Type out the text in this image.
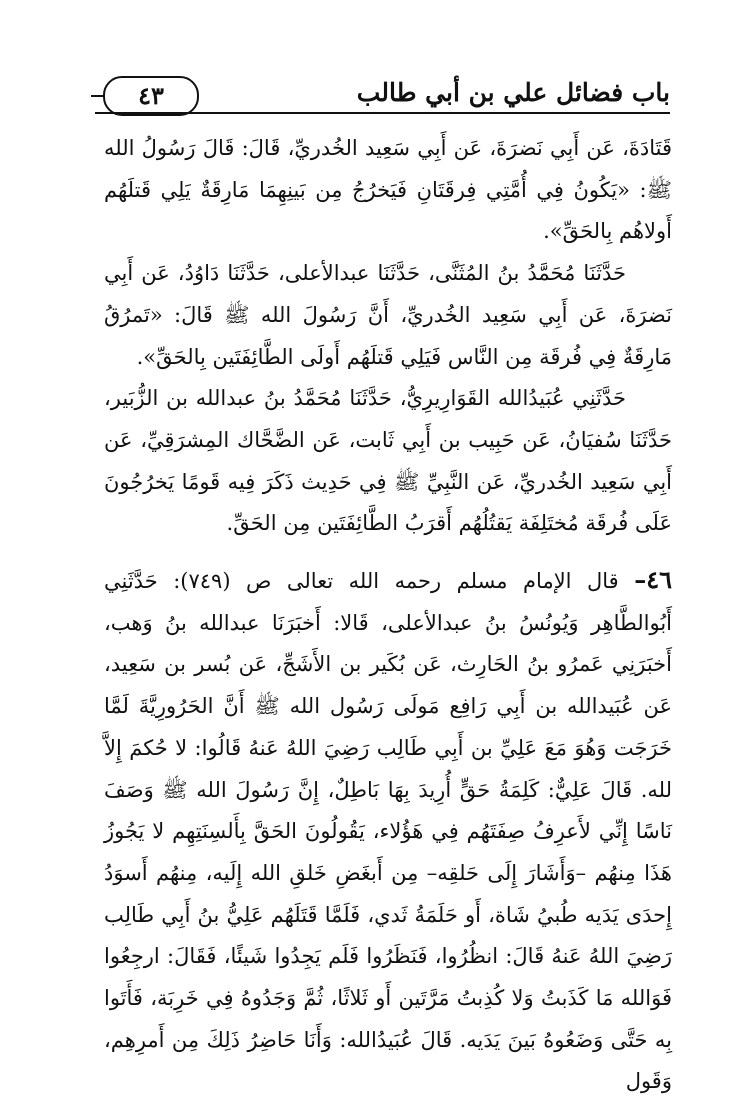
باب فضائل علي بن أبي طالب
٤٣

قَتَادَةَ، عَن أَبِي نَضرَةَ، عَن أَبِي سَعِيد الخُدريِّ، قَالَ: قَالَ رَسُولُ الله ﷺ: «يَكُونُ فِي أُمَّتِي فِرقَتَانِ فَيَخرُجُ مِن بَينِهِمَا مَارِقَةٌ يَلِي قَتلَهُم أَولاهُم بِالحَقِّ».

حَدَّثَنَا مُحَمَّدُ بنُ المُثَنَّى، حَدَّثَنَا عبدالأعلى، حَدَّثَنَا دَاوُدُ، عَن أَبِي نَضرَةَ، عَن أَبِي سَعِيد الخُدريِّ، أَنَّ رَسُولَ الله ﷺ قَالَ: «تَمرُقُ مَارِقَةٌ فِي فُرقَة مِن النَّاس فَيَلِي قَتلَهُم أَولَى الطَّائِفَتَين بِالحَقِّ».

حَدَّثَنِي عُبَيدُالله القَوَارِيرِيُّ، حَدَّثَنَا مُحَمَّدُ بنُ عبدالله بن الزُّبَير، حَدَّثَنَا سُفيَانُ، عَن حَبِيب بن أَبِي ثَابت، عَن الضَّحَّاك المِشرَقِيِّ، عَن أَبِي سَعِيد الخُدريِّ، عَن النَّبِيِّ ﷺ فِي حَدِيث ذَكَرَ فِيه قَومًا يَخرُجُونَ عَلَى فُرقَة مُختَلِفَة يَقتُلُهُم أَقرَبُ الطَّائِفَتَين مِن الحَقِّ.

٤٦– قال الإمام مسلم رحمه الله تعالى ص (٧٤٩): حَدَّثَنِي أَبُوالطَّاهِر وَيُونُسُ بنُ عبدالأعلى، قَالا: أَخبَرَنَا عبدالله بنُ وَهب، أَخبَرَنِي عَمرُو بنُ الحَارِث، عَن بُكَير بن الأَشَجِّ، عَن بُسر بن سَعِيد، عَن عُبَيدالله بن أَبِي رَافِع مَولَى رَسُول الله ﷺ أَنَّ الحَرُورِيَّةَ لَمَّا خَرَجَت وَهُوَ مَعَ عَلِيِّ بن أَبِي طَالِب رَضِيَ اللهُ عَنهُ قَالُوا: لا حُكمَ إِلاَّ لله. قَالَ عَلِيٌّ: كَلِمَةُ حَقٍّ أُرِيدَ بِهَا بَاطِلٌ، إِنَّ رَسُولَ الله ﷺ وَصَفَ نَاسًا إِنِّي لأَعرِفُ صِفَتَهُم فِي هَؤُلاء، يَقُولُونَ الحَقَّ بِأَلسِنَتِهِم لا يَجُوزُ هَذَا مِنهُم –وَأَشَارَ إِلَى حَلقِه– مِن أَبغَضِ خَلقِ الله إِلَيه، مِنهُم أَسوَدُ إِحدَى يَدَيه طُبيُ شَاة، أَو حَلَمَةُ ثَدي، فَلَمَّا قَتَلَهُم عَلِيُّ بنُ أَبِي طَالِب رَضِيَ اللهُ عَنهُ قَالَ: انظُرُوا، فَنَظَرُوا فَلَم يَجِدُوا شَيئًا، فَقَالَ: ارجِعُوا فَوَالله مَا كَذَبتُ وَلا كُذِبتُ مَرَّتَين أَو ثَلاثًا، ثُمَّ وَجَدُوهُ فِي خَرِبَة، فَأَتَوا بِه حَتَّى وَضَعُوهُ بَينَ يَدَيه. قَالَ عُبَيدُالله: وَأَنَا حَاضِرُ ذَلِكَ مِن أَمرِهِم، وَقَول
